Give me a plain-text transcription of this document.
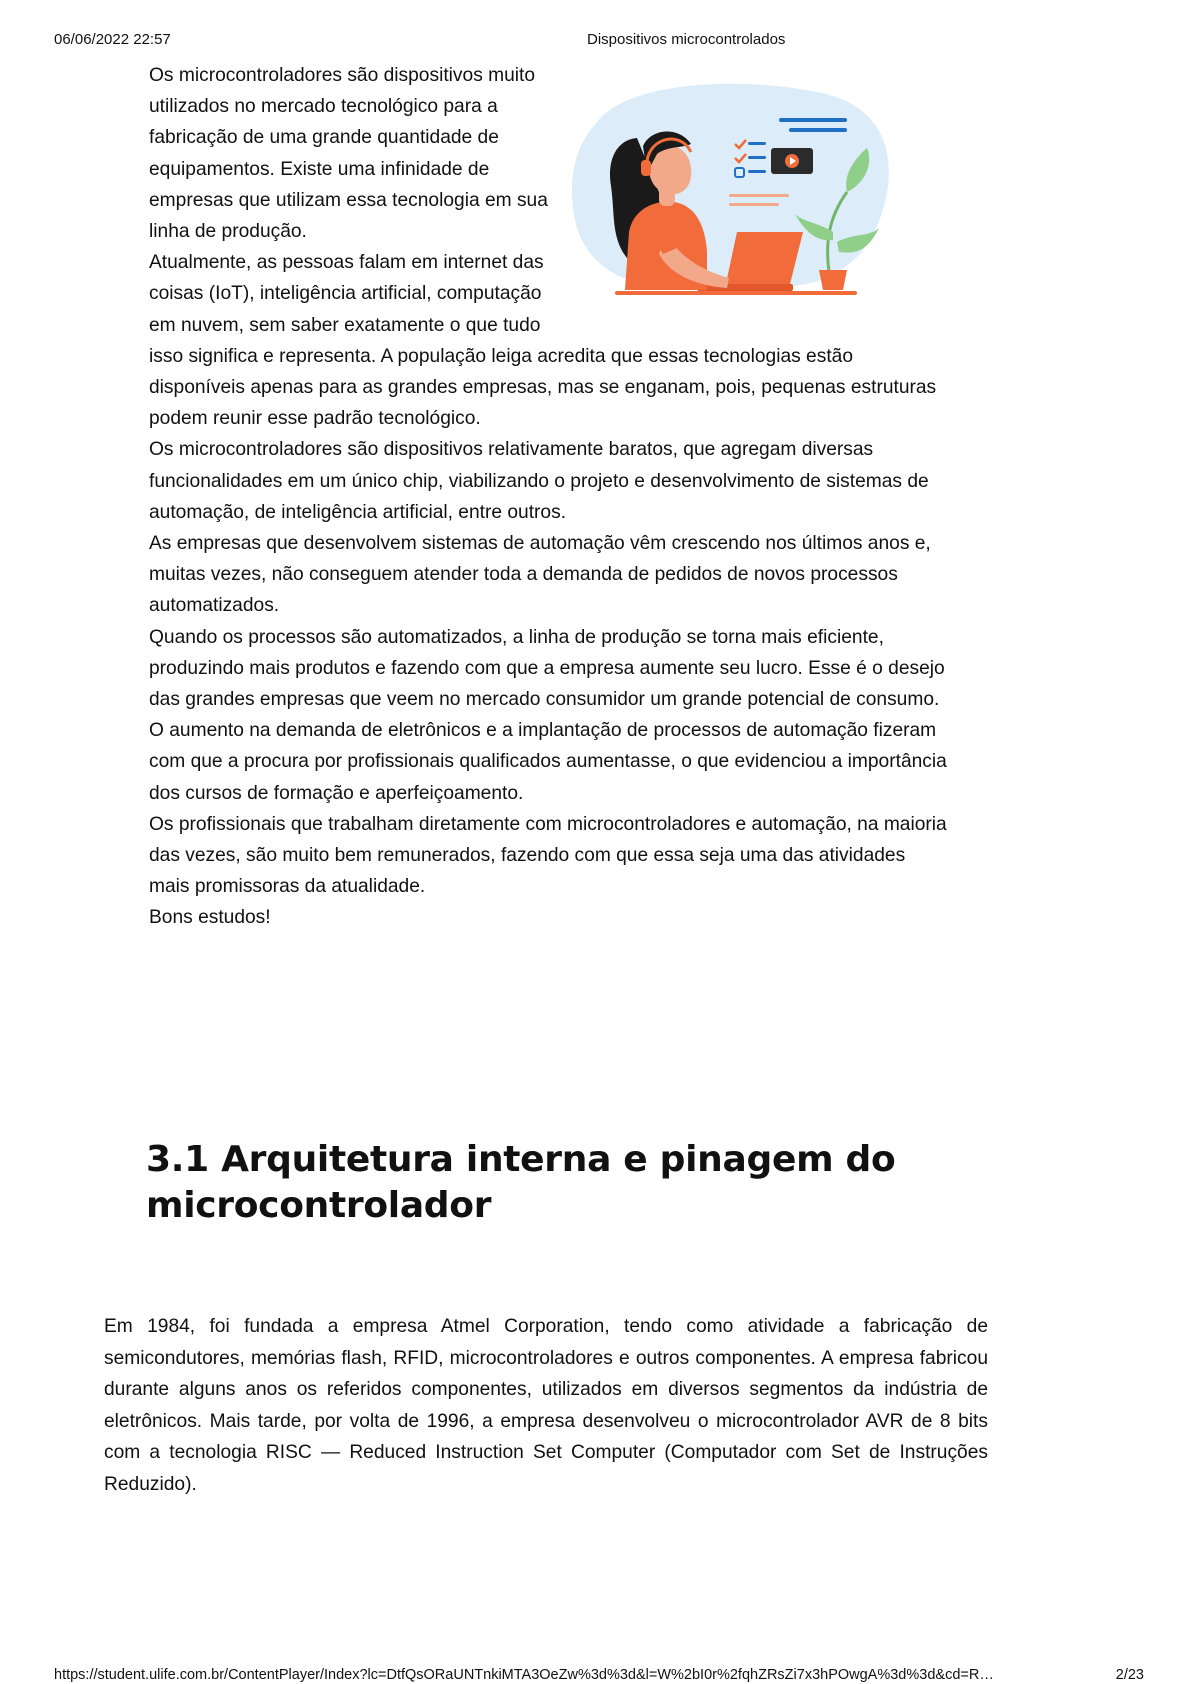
06/06/2022 22:57	Dispositivos microcontrolados

Os microcontroladores são dispositivos muito utilizados no mercado tecnológico para a fabricação de uma grande quantidade de equipamentos. Existe uma infinidade de empresas que utilizam essa tecnologia em sua linha de produção.

Atualmente, as pessoas falam em internet das coisas (IoT), inteligência artificial, computação em nuvem, sem saber exatamente o que tudo isso significa e representa. A população leiga acredita que essas tecnologias estão disponíveis apenas para as grandes empresas, mas se enganam, pois, pequenas estruturas podem reunir esse padrão tecnológico.

Os microcontroladores são dispositivos relativamente baratos, que agregam diversas funcionalidades em um único chip, viabilizando o projeto e desenvolvimento de sistemas de automação, de inteligência artificial, entre outros.

As empresas que desenvolvem sistemas de automação vêm crescendo nos últimos anos e, muitas vezes, não conseguem atender toda a demanda de pedidos de novos processos automatizados.

Quando os processos são automatizados, a linha de produção se torna mais eficiente, produzindo mais produtos e fazendo com que a empresa aumente seu lucro. Esse é o desejo das grandes empresas que veem no mercado consumidor um grande potencial de consumo.

O aumento na demanda de eletrônicos e a implantação de processos de automação fizeram com que a procura por profissionais qualificados aumentasse, o que evidenciou a importância dos cursos de formação e aperfeiçoamento.

Os profissionais que trabalham diretamente com microcontroladores e automação, na maioria das vezes, são muito bem remunerados, fazendo com que essa seja uma das atividades mais promissoras da atualidade.

Bons estudos!

3.1 Arquitetura interna e pinagem do microcontrolador

Em 1984, foi fundada a empresa Atmel Corporation, tendo como atividade a fabricação de semicondutores, memórias flash, RFID, microcontroladores e outros componentes. A empresa fabricou durante alguns anos os referidos componentes, utilizados em diversos segmentos da indústria de eletrônicos. Mais tarde, por volta de 1996, a empresa desenvolveu o microcontrolador AVR de 8 bits com a tecnologia RISC — Reduced Instruction Set Computer (Computador com Set de Instruções Reduzido).

https://student.ulife.com.br/ContentPlayer/Index?lc=DtfQsORaUNTnkiMTA3OeZw%3d%3d&l=W%2bI0r%2fqhZRsZi7x3hPOwgA%3d%3d&cd=R…	2/23
